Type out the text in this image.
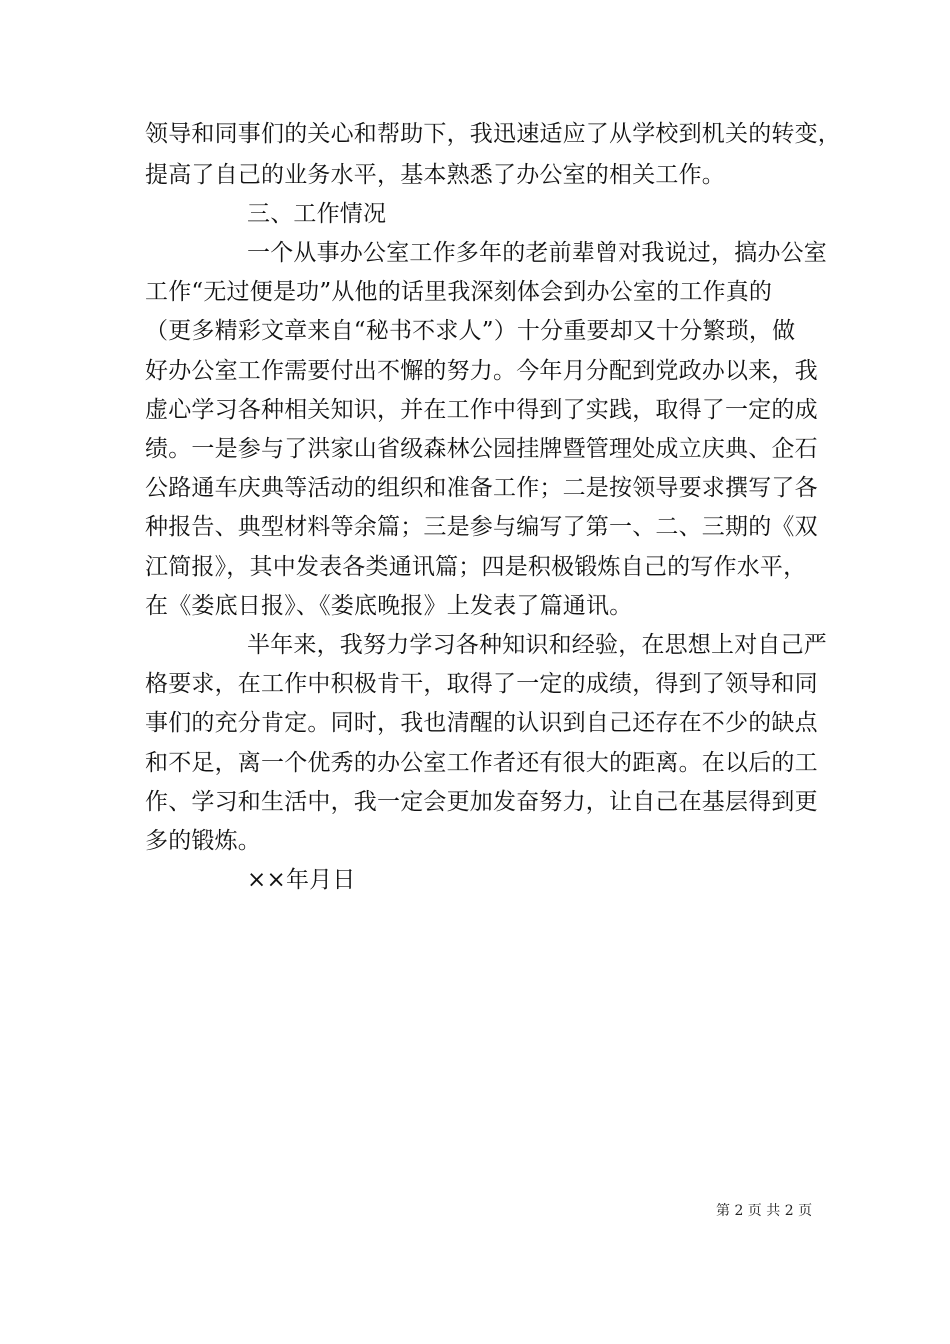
领导和同事们的关心和帮助下，我迅速适应了从学校到机关的转变，
提高了自己的业务水平，基本熟悉了办公室的相关工作。
三、工作情况
一个从事办公室工作多年的老前辈曾对我说过，搞办公室
工作“无过便是功”从他的话里我深刻体会到办公室的工作真的
（更多精彩文章来自“秘书不求人”）十分重要却又十分繁琐，做
好办公室工作需要付出不懈的努力。今年月分配到党政办以来，我
虚心学习各种相关知识，并在工作中得到了实践，取得了一定的成
绩。一是参与了洪家山省级森林公园挂牌暨管理处成立庆典、企石
公路通车庆典等活动的组织和准备工作；二是按领导要求撰写了各
种报告、典型材料等余篇；三是参与编写了第一、二、三期的《双
江简报》，其中发表各类通讯篇；四是积极锻炼自己的写作水平，
在《娄底日报》、《娄底晚报》上发表了篇通讯。
半年来，我努力学习各种知识和经验，在思想上对自己严
格要求，在工作中积极肯干，取得了一定的成绩，得到了领导和同
事们的充分肯定。同时，我也清醒的认识到自己还存在不少的缺点
和不足，离一个优秀的办公室工作者还有很大的距离。在以后的工
作、学习和生活中，我一定会更加发奋努力，让自己在基层得到更
多的锻炼。
××年月日
第 2 页 共 2 页
